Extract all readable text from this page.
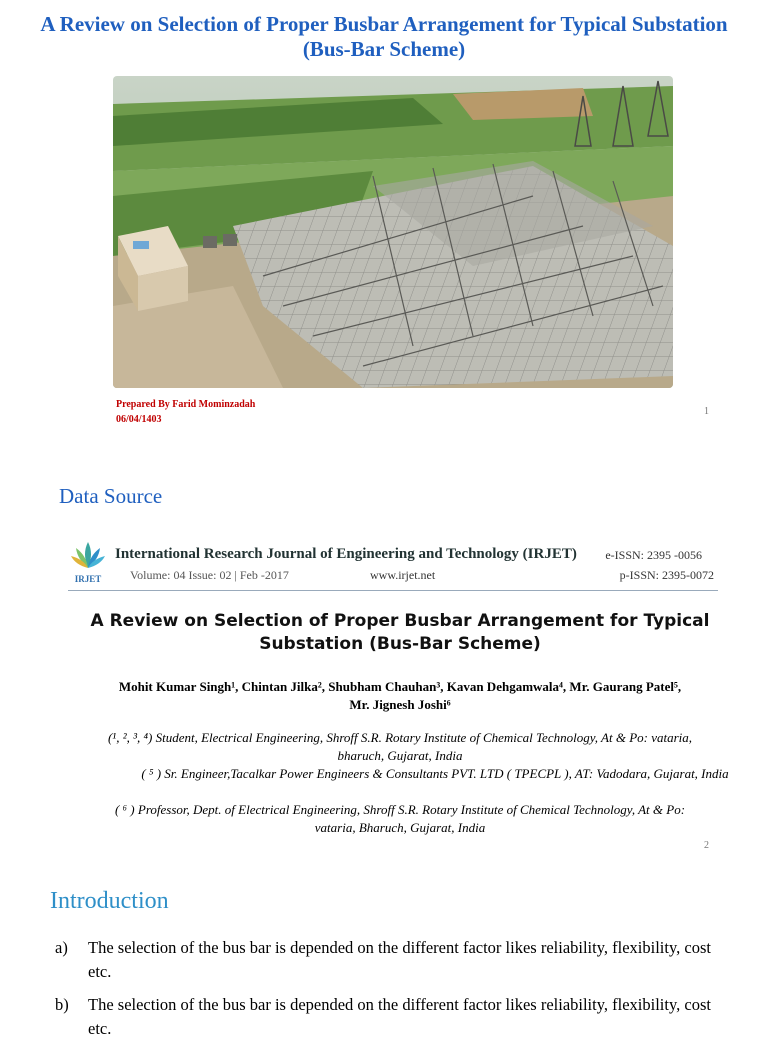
A Review on Selection of Proper Busbar Arrangement for Typical Substation (Bus-Bar Scheme)
Prepared By Farid Mominzadah
06/04/1403
1
Data Source
IRJET
International Research Journal of Engineering and Technology (IRJET)
Volume: 04 Issue: 02 | Feb -2017	www.irjet.net
e-ISSN: 2395 -0056
p-ISSN: 2395-0072
A Review on Selection of Proper Busbar Arrangement for Typical Substation (Bus-Bar Scheme)
Mohit Kumar Singh¹, Chintan Jilka², Shubham Chauhan³, Kavan Dehgamwala⁴, Mr. Gaurang Patel⁵, Mr. Jignesh Joshi⁶
(¹, ², ³, ⁴) Student, Electrical Engineering, Shroff S.R. Rotary Institute of Chemical Technology, At & Po: vataria, bharuch, Gujarat, India
( ⁵ ) Sr. Engineer,Tacalkar Power Engineers & Consultants PVT. LTD ( TPECPL ), AT: Vadodara, Gujarat, India
( ⁶ ) Professor, Dept. of Electrical Engineering, Shroff S.R. Rotary Institute of Chemical Technology, At & Po: vataria, Bharuch, Gujarat, India
2
Introduction
a) The selection of the bus bar is depended on the different factor likes reliability, flexibility, cost etc.
b) The selection of the bus bar is depended on the different factor likes reliability, flexibility, cost etc.
